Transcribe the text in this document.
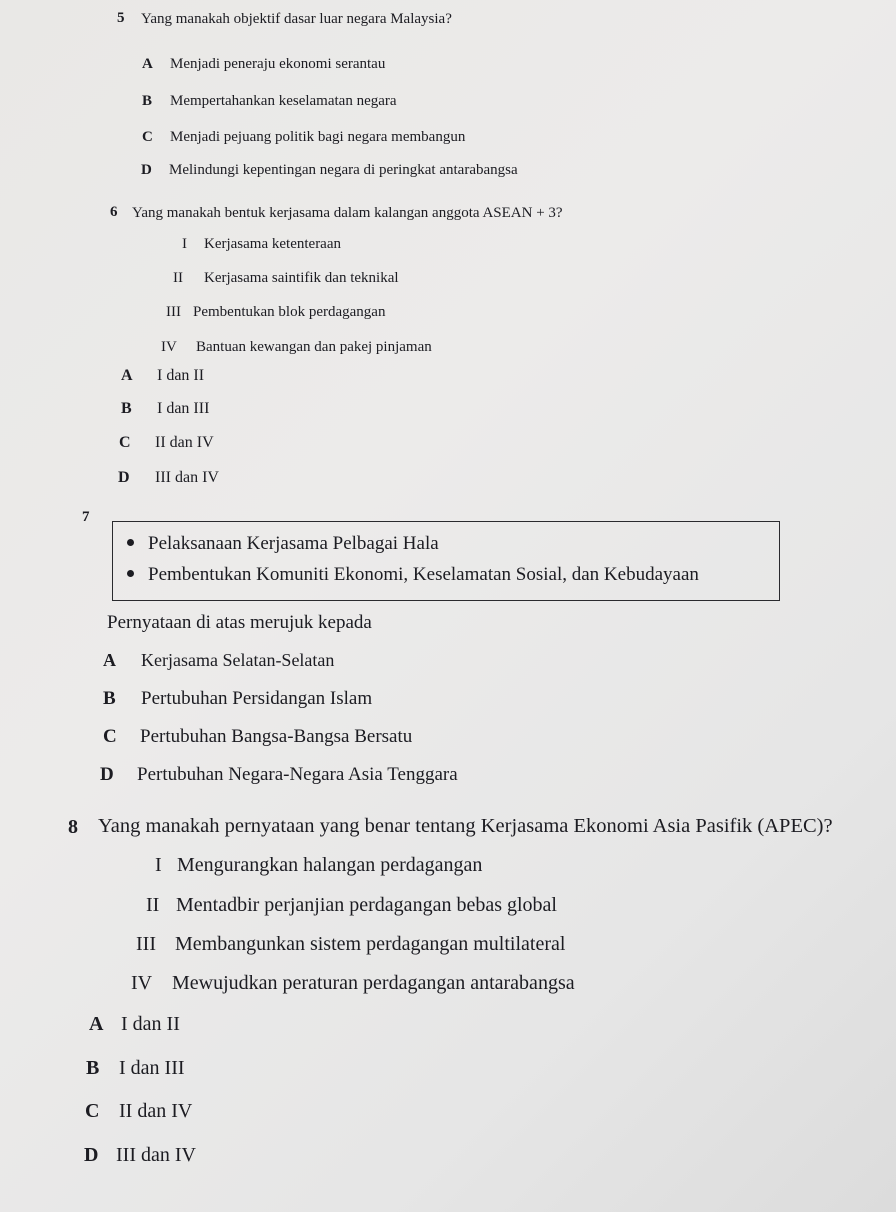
5 Yang manakah objektif dasar luar negara Malaysia?
A Menjadi peneraju ekonomi serantau
B Mempertahankan keselamatan negara
C Menjadi pejuang politik bagi negara membangun
D Melindungi kepentingan negara di peringkat antarabangsa
6 Yang manakah bentuk kerjasama dalam kalangan anggota ASEAN + 3?
I Kerjasama ketenteraan
II Kerjasama saintifik dan teknikal
III Pembentukan blok perdagangan
IV Bantuan kewangan dan pakej pinjaman
A I dan II
B I dan III
C II dan IV
D III dan IV
7
Pelaksanaan Kerjasama Pelbagai Hala
Pembentukan Komuniti Ekonomi, Keselamatan Sosial, dan Kebudayaan
Pernyataan di atas merujuk kepada
A Kerjasama Selatan-Selatan
B Pertubuhan Persidangan Islam
C Pertubuhan Bangsa-Bangsa Bersatu
D Pertubuhan Negara-Negara Asia Tenggara
8 Yang manakah pernyataan yang benar tentang Kerjasama Ekonomi Asia Pasifik (APEC)?
I Mengurangkan halangan perdagangan
II Mentadbir perjanjian perdagangan bebas global
III Membangunkan sistem perdagangan multilateral
IV Mewujudkan peraturan perdagangan antarabangsa
A I dan II
B I dan III
C II dan IV
D III dan IV
